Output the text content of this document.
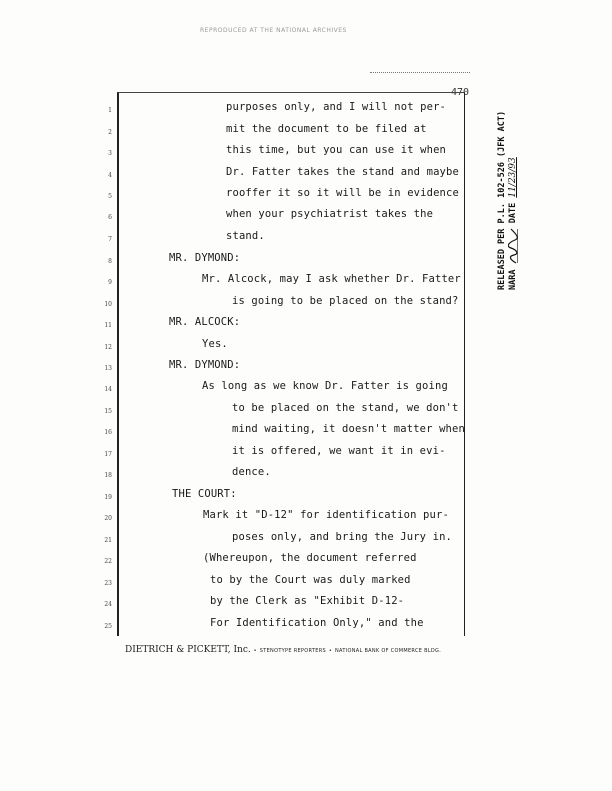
REPRODUCED AT THE NATIONAL ARCHIVES
470
1	purposes only, and I will not per-
2	mit the document to be filed at
3	this time, but you can use it when
4	Dr. Fatter takes the stand and maybe
5	rooffer it so it will be in evidence
6	when your psychiatrist takes the
7	stand.
8	MR. DYMOND:
9	Mr. Alcock, may I ask whether Dr. Fatter
10	is going to be placed on the stand?
11	MR. ALCOCK:
12	Yes.
13	MR. DYMOND:
14	As long as we know Dr. Fatter is going
15	to be placed on the stand, we don't
16	mind waiting, it doesn't matter when
17	it is offered, we want it in evi-
18	dence.
19	THE COURT:
20	Mark it "D-12" for identification pur-
21	poses only, and bring the Jury in.
22	(Whereupon, the document referred
23	to by the Court was duly marked
24	by the Clerk as "Exhibit D-12-
25	For Identification Only," and the
DIETRICH & PICKETT, Inc. • STENOTYPE REPORTERS • NATIONAL BANK OF COMMERCE BLDG.
RELEASED PER P.L. 102-526 (JFK ACT) NARA
DATE 11/23/93
